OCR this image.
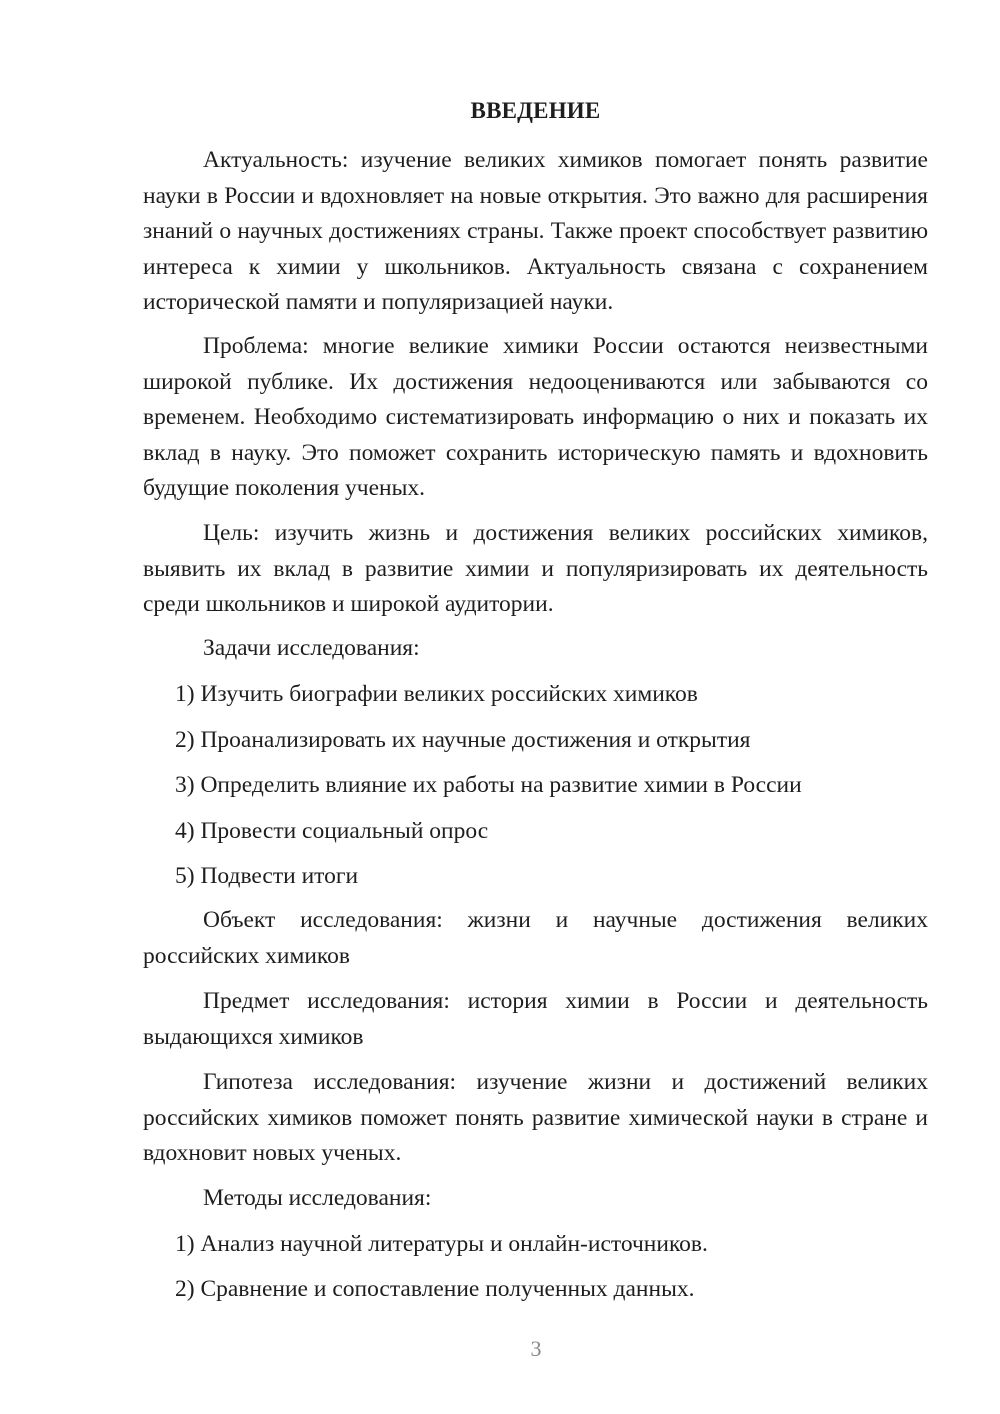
ВВЕДЕНИЕ

Актуальность: изучение великих химиков помогает понять развитие науки в России и вдохновляет на новые открытия. Это важно для расширения знаний о научных достижениях страны. Также проект способствует развитию интереса к химии у школьников. Актуальность связана с сохранением исторической памяти и популяризацией науки.

Проблема: многие великие химики России остаются неизвестными широкой публике. Их достижения недооцениваются или забываются со временем. Необходимо систематизировать информацию о них и показать их вклад в науку. Это поможет сохранить историческую память и вдохновить будущие поколения ученых.

Цель: изучить жизнь и достижения великих российских химиков, выявить их вклад в развитие химии и популяризировать их деятельность среди школьников и широкой аудитории.

Задачи исследования:

1) Изучить биографии великих российских химиков

2) Проанализировать их научные достижения и открытия

3) Определить влияние их работы на развитие химии в России

4) Провести социальный опрос

5) Подвести итоги

Объект исследования: жизни и научные достижения великих российских химиков

Предмет исследования: история химии в России и деятельность выдающихся химиков

Гипотеза исследования: изучение жизни и достижений великих российских химиков поможет понять развитие химической науки в стране и вдохновит новых ученых.

Методы исследования:

1) Анализ научной литературы и онлайн-источников.

2) Сравнение и сопоставление полученных данных.

3
